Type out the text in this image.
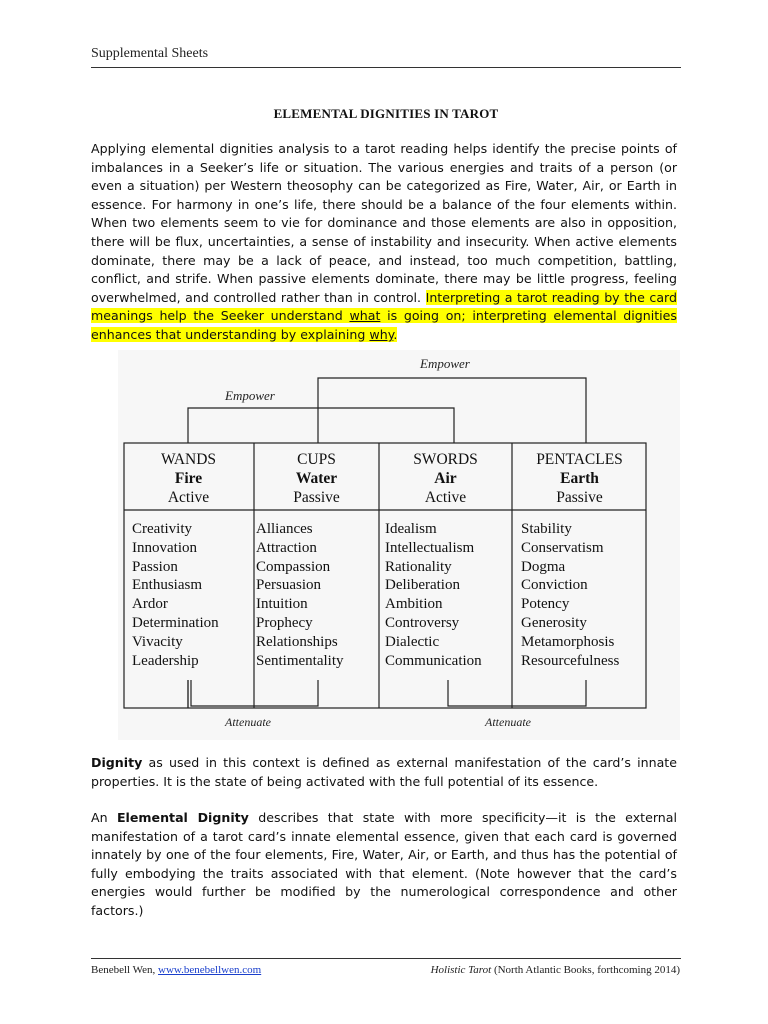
Supplemental Sheets
ELEMENTAL DIGNITIES IN TAROT
Applying elemental dignities analysis to a tarot reading helps identify the precise points of imbalances in a Seeker’s life or situation. The various energies and traits of a person (or even a situation) per Western theosophy can be categorized as Fire, Water, Air, or Earth in essence. For harmony in one’s life, there should be a balance of the four elements within. When two elements seem to vie for dominance and those elements are also in opposition, there will be flux, uncertainties, a sense of instability and insecurity. When active elements dominate, there may be a lack of peace, and instead, too much competition, battling, conflict, and strife. When passive elements dominate, there may be little progress, feeling overwhelmed, and controlled rather than in control. Interpreting a tarot reading by the card meanings help the Seeker understand what is going on; interpreting elemental dignities enhances that understanding by explaining why.
Empower
Empower
WANDS
Fire
Active
CUPS
Water
Passive
SWORDS
Air
Active
PENTACLES
Earth
Passive
Creativity
Innovation
Passion
Enthusiasm
Ardor
Determination
Vivacity
Leadership
Alliances
Attraction
Compassion
Persuasion
Intuition
Prophecy
Relationships
Sentimentality
Idealism
Intellectualism
Rationality
Deliberation
Ambition
Controversy
Dialectic
Communication
Stability
Conservatism
Dogma
Conviction
Potency
Generosity
Metamorphosis
Resourcefulness
Attenuate	Attenuate
Dignity as used in this context is defined as external manifestation of the card’s innate properties. It is the state of being activated with the full potential of its essence.
An Elemental Dignity describes that state with more specificity—it is the external manifestation of a tarot card’s innate elemental essence, given that each card is governed innately by one of the four elements, Fire, Water, Air, or Earth, and thus has the potential of fully embodying the traits associated with that element. (Note however that the card’s energies would further be modified by the numerological correspondence and other factors.)
Benebell Wen, www.benebellwen.com	Holistic Tarot (North Atlantic Books, forthcoming 2014)
